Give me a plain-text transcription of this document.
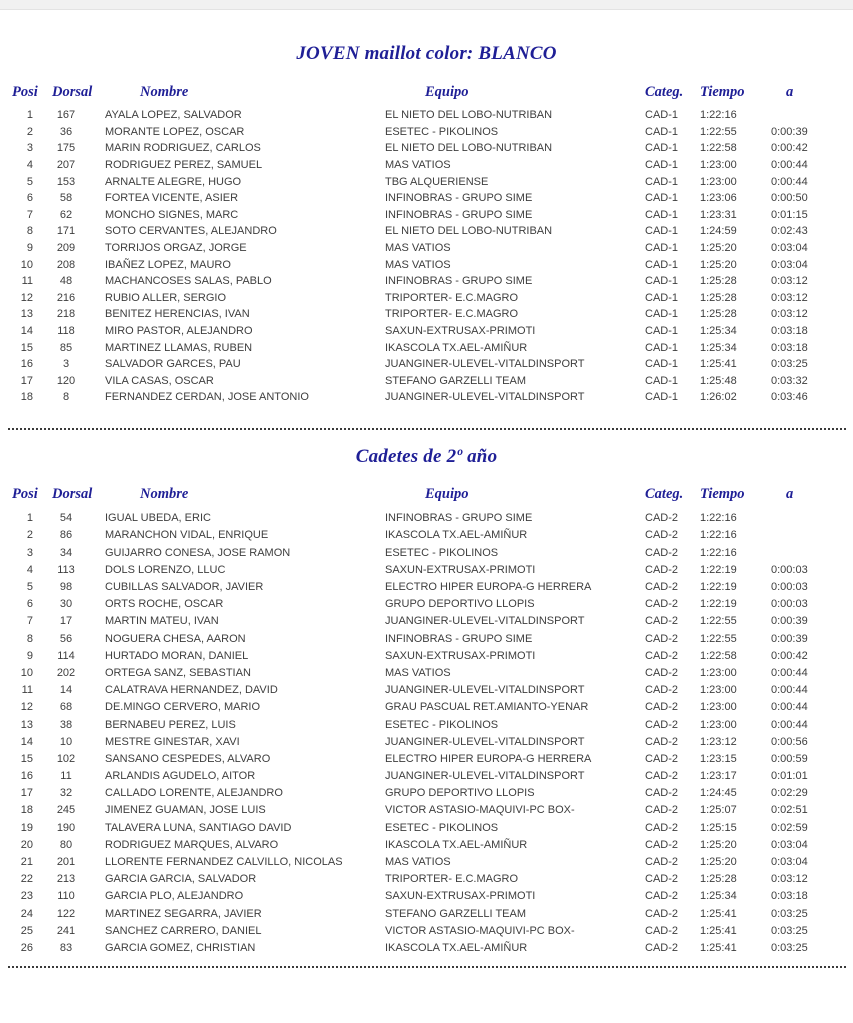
JOVEN maillot color: BLANCO
Posi	Dorsal	Nombre	Equipo	Categ.	Tiempo	a
1	167	AYALA LOPEZ, SALVADOR	EL NIETO DEL LOBO-NUTRIBAN	CAD-1	1:22:16	
2	36	MORANTE LOPEZ, OSCAR	ESETEC - PIKOLINOS	CAD-1	1:22:55	0:00:39
3	175	MARIN RODRIGUEZ, CARLOS	EL NIETO DEL LOBO-NUTRIBAN	CAD-1	1:22:58	0:00:42
4	207	RODRIGUEZ PEREZ, SAMUEL	MAS VATIOS	CAD-1	1:23:00	0:00:44
5	153	ARNALTE ALEGRE, HUGO	TBG ALQUERIENSE	CAD-1	1:23:00	0:00:44
6	58	FORTEA VICENTE, ASIER	INFINOBRAS - GRUPO SIME	CAD-1	1:23:06	0:00:50
7	62	MONCHO SIGNES, MARC	INFINOBRAS - GRUPO SIME	CAD-1	1:23:31	0:01:15
8	171	SOTO CERVANTES, ALEJANDRO	EL NIETO DEL LOBO-NUTRIBAN	CAD-1	1:24:59	0:02:43
9	209	TORRIJOS ORGAZ, JORGE	MAS VATIOS	CAD-1	1:25:20	0:03:04
10	208	IBAÑEZ LOPEZ, MAURO	MAS VATIOS	CAD-1	1:25:20	0:03:04
11	48	MACHANCOSES SALAS, PABLO	INFINOBRAS - GRUPO SIME	CAD-1	1:25:28	0:03:12
12	216	RUBIO ALLER, SERGIO	TRIPORTER- E.C.MAGRO	CAD-1	1:25:28	0:03:12
13	218	BENITEZ HERENCIAS, IVAN	TRIPORTER- E.C.MAGRO	CAD-1	1:25:28	0:03:12
14	118	MIRO PASTOR, ALEJANDRO	SAXUN-EXTRUSAX-PRIMOTI	CAD-1	1:25:34	0:03:18
15	85	MARTINEZ LLAMAS, RUBEN	IKASCOLA TX.AEL-AMIÑUR	CAD-1	1:25:34	0:03:18
16	3	SALVADOR GARCES, PAU	JUANGINER-ULEVEL-VITALDINSPORT	CAD-1	1:25:41	0:03:25
17	120	VILA CASAS, OSCAR	STEFANO GARZELLI TEAM	CAD-1	1:25:48	0:03:32
18	8	FERNANDEZ CERDAN, JOSE ANTONIO	JUANGINER-ULEVEL-VITALDINSPORT	CAD-1	1:26:02	0:03:46
Cadetes de 2º año
Posi	Dorsal	Nombre	Equipo	Categ.	Tiempo	a
1	54	IGUAL UBEDA, ERIC	INFINOBRAS - GRUPO SIME	CAD-2	1:22:16	
2	86	MARANCHON VIDAL, ENRIQUE	IKASCOLA TX.AEL-AMIÑUR	CAD-2	1:22:16	
3	34	GUIJARRO CONESA, JOSE RAMON	ESETEC - PIKOLINOS	CAD-2	1:22:16	
4	113	DOLS LORENZO, LLUC	SAXUN-EXTRUSAX-PRIMOTI	CAD-2	1:22:19	0:00:03
5	98	CUBILLAS SALVADOR, JAVIER	ELECTRO HIPER EUROPA-G HERRERA	CAD-2	1:22:19	0:00:03
6	30	ORTS ROCHE, OSCAR	GRUPO DEPORTIVO LLOPIS	CAD-2	1:22:19	0:00:03
7	17	MARTIN MATEU, IVAN	JUANGINER-ULEVEL-VITALDINSPORT	CAD-2	1:22:55	0:00:39
8	56	NOGUERA CHESA, AARON	INFINOBRAS - GRUPO SIME	CAD-2	1:22:55	0:00:39
9	114	HURTADO MORAN, DANIEL	SAXUN-EXTRUSAX-PRIMOTI	CAD-2	1:22:58	0:00:42
10	202	ORTEGA SANZ, SEBASTIAN	MAS VATIOS	CAD-2	1:23:00	0:00:44
11	14	CALATRAVA HERNANDEZ, DAVID	JUANGINER-ULEVEL-VITALDINSPORT	CAD-2	1:23:00	0:00:44
12	68	DE.MINGO CERVERO, MARIO	GRAU PASCUAL RET.AMIANTO-YENAR	CAD-2	1:23:00	0:00:44
13	38	BERNABEU PEREZ, LUIS	ESETEC - PIKOLINOS	CAD-2	1:23:00	0:00:44
14	10	MESTRE GINESTAR, XAVI	JUANGINER-ULEVEL-VITALDINSPORT	CAD-2	1:23:12	0:00:56
15	102	SANSANO CESPEDES, ALVARO	ELECTRO HIPER EUROPA-G HERRERA	CAD-2	1:23:15	0:00:59
16	11	ARLANDIS AGUDELO, AITOR	JUANGINER-ULEVEL-VITALDINSPORT	CAD-2	1:23:17	0:01:01
17	32	CALLADO LORENTE, ALEJANDRO	GRUPO DEPORTIVO LLOPIS	CAD-2	1:24:45	0:02:29
18	245	JIMENEZ GUAMAN, JOSE LUIS	VICTOR ASTASIO-MAQUIVI-PC BOX-	CAD-2	1:25:07	0:02:51
19	190	TALAVERA LUNA, SANTIAGO DAVID	ESETEC - PIKOLINOS	CAD-2	1:25:15	0:02:59
20	80	RODRIGUEZ MARQUES, ALVARO	IKASCOLA TX.AEL-AMIÑUR	CAD-2	1:25:20	0:03:04
21	201	LLORENTE FERNANDEZ CALVILLO, NICOLAS	MAS VATIOS	CAD-2	1:25:20	0:03:04
22	213	GARCIA GARCIA, SALVADOR	TRIPORTER- E.C.MAGRO	CAD-2	1:25:28	0:03:12
23	110	GARCIA PLO, ALEJANDRO	SAXUN-EXTRUSAX-PRIMOTI	CAD-2	1:25:34	0:03:18
24	122	MARTINEZ SEGARRA, JAVIER	STEFANO GARZELLI TEAM	CAD-2	1:25:41	0:03:25
25	241	SANCHEZ CARRERO, DANIEL	VICTOR ASTASIO-MAQUIVI-PC BOX-	CAD-2	1:25:41	0:03:25
26	83	GARCIA GOMEZ, CHRISTIAN	IKASCOLA TX.AEL-AMIÑUR	CAD-2	1:25:41	0:03:25
